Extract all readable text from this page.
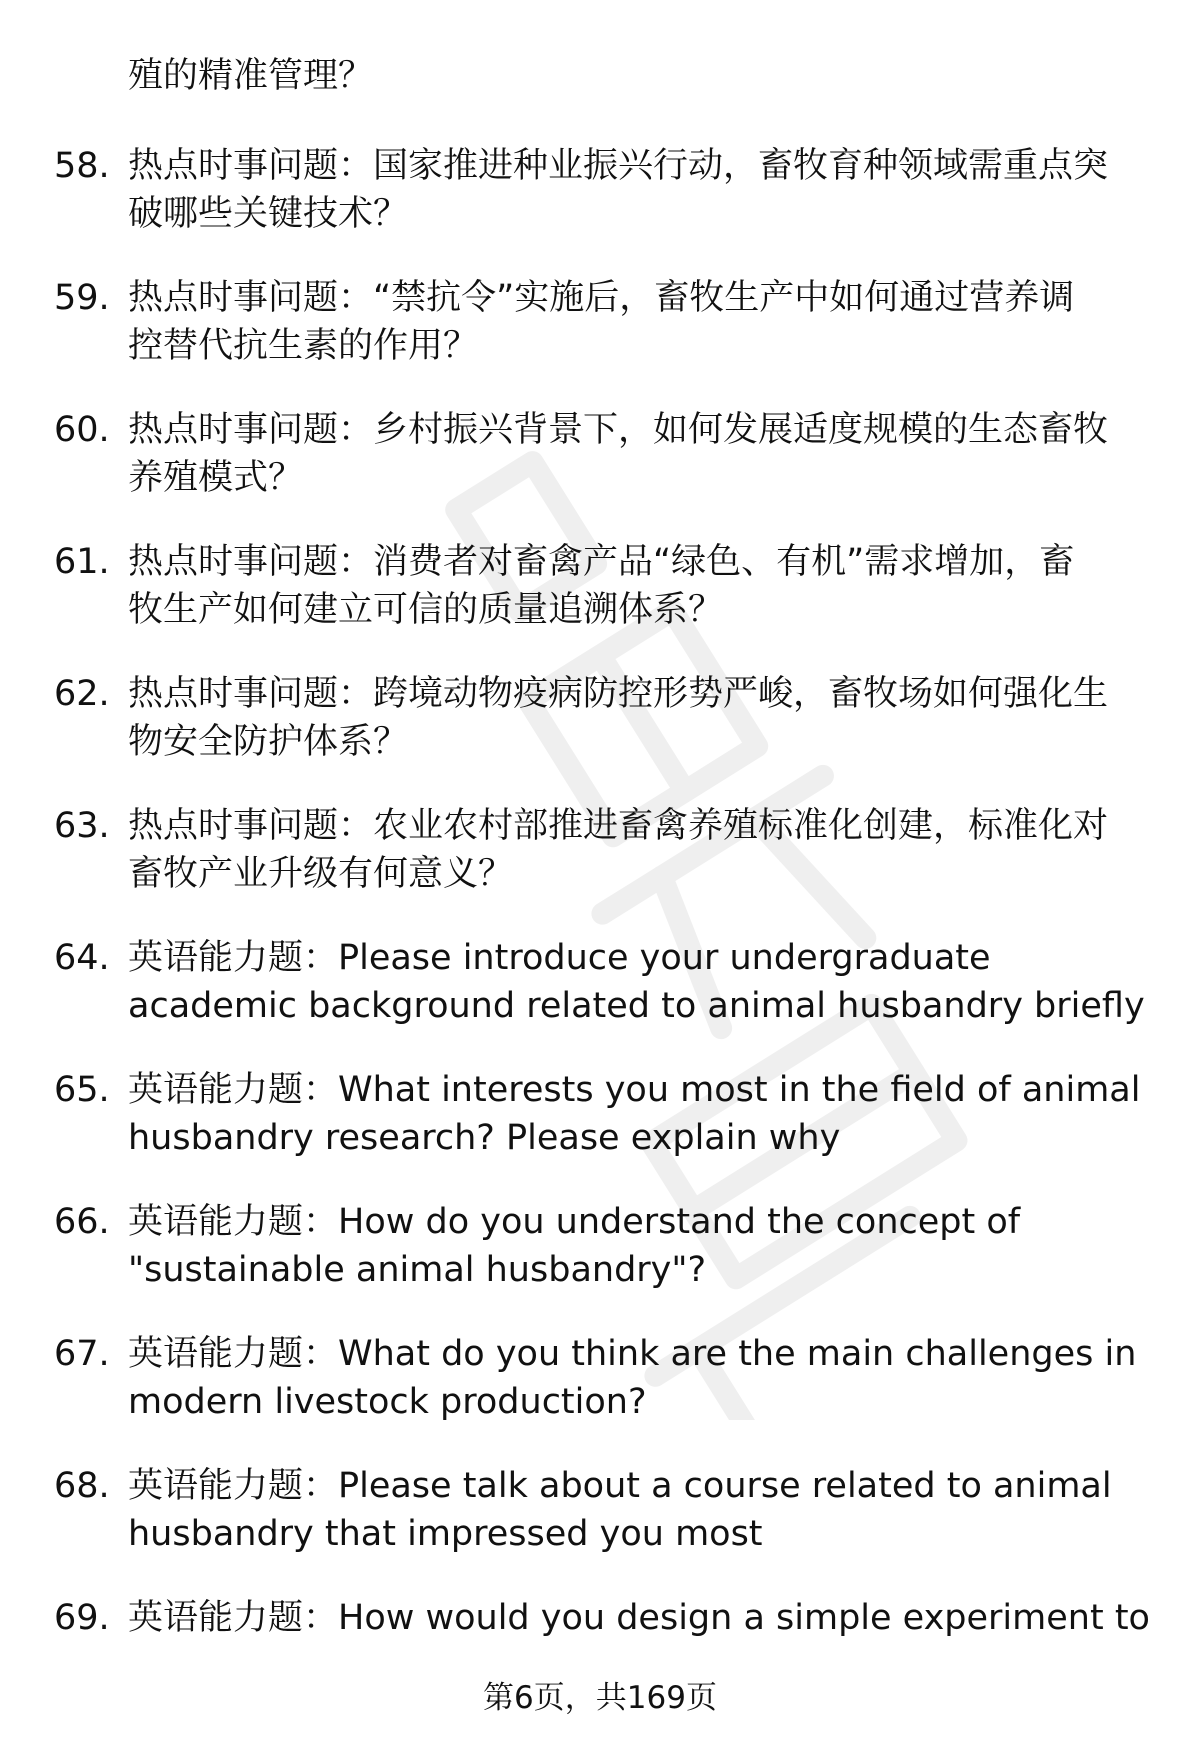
殖的精准管理？
58. 热点时事问题：国家推进种业振兴行动，畜牧育种领域需重点突
破哪些关键技术？
59. 热点时事问题：“禁抗令”实施后，畜牧生产中如何通过营养调
控替代抗生素的作用？
60. 热点时事问题：乡村振兴背景下，如何发展适度规模的生态畜牧
养殖模式？
61. 热点时事问题：消费者对畜禽产品“绿色、有机”需求增加，畜
牧生产如何建立可信的质量追溯体系？
62. 热点时事问题：跨境动物疫病防控形势严峻，畜牧场如何强化生
物安全防护体系？
63. 热点时事问题：农业农村部推进畜禽养殖标准化创建，标准化对
畜牧产业升级有何意义？
64. 英语能力题：Please introduce your undergraduate
academic background related to animal husbandry briefly
65. 英语能力题：What interests you most in the field of animal
husbandry research? Please explain why
66. 英语能力题：How do you understand the concept of
"sustainable animal husbandry"?
67. 英语能力题：What do you think are the main challenges in
modern livestock production?
68. 英语能力题：Please talk about a course related to animal
husbandry that impressed you most
69. 英语能力题：How would you design a simple experiment to
第6页，共169页
